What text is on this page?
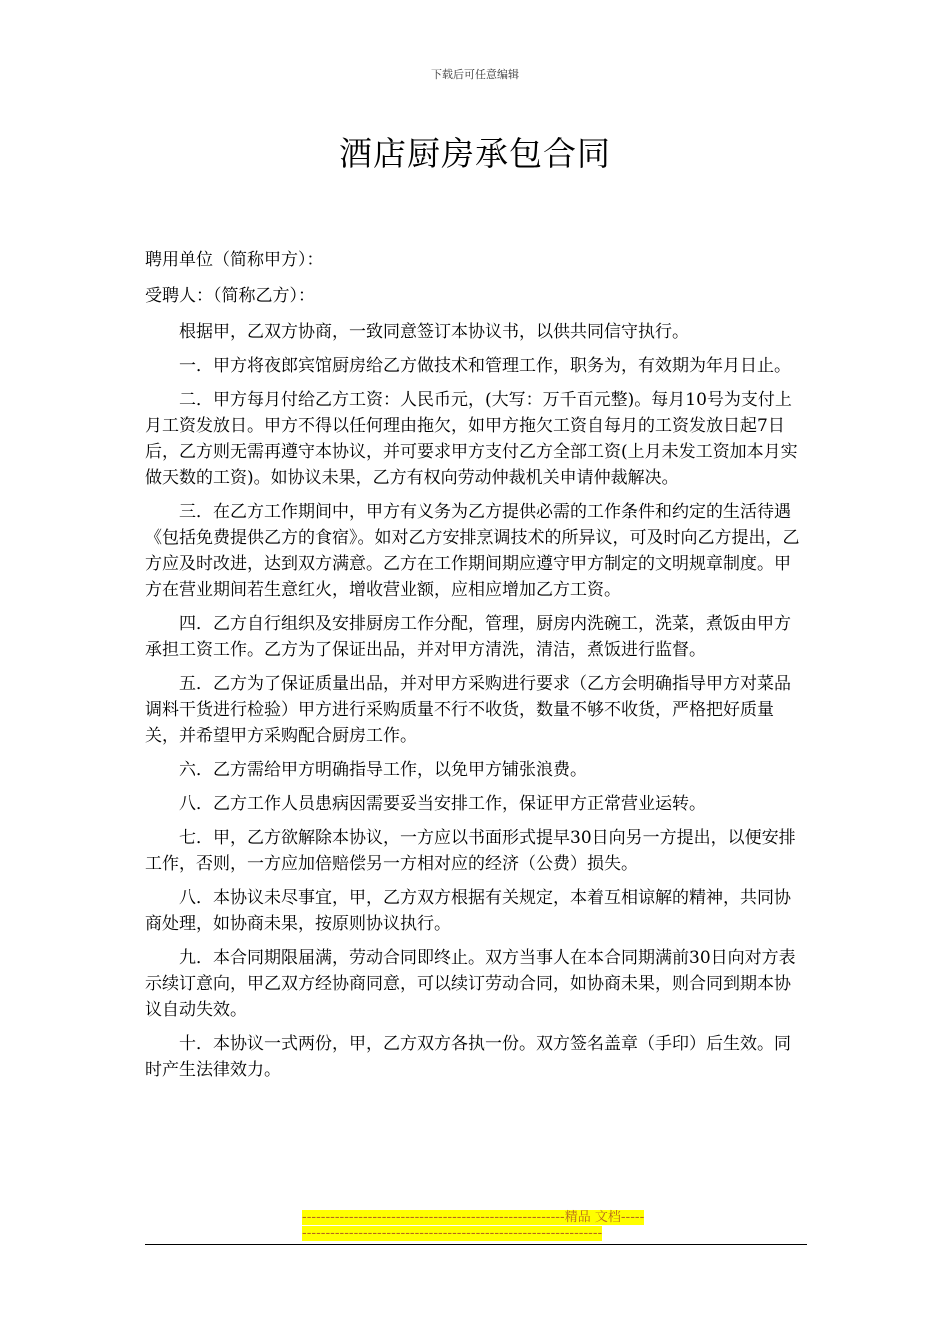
下载后可任意编辑
酒店厨房承包合同

聘用单位（简称甲方）：

受聘人：（简称乙方）：

根据甲，乙双方协商，一致同意签订本协议书，以供共同信守执行。

一．甲方将夜郎宾馆厨房给乙方做技术和管理工作，职务为，有效期为年月日止。

二．甲方每月付给乙方工资：人民币元，(大写：万千百元整)。每月10号为支付上月工资发放日。甲方不得以任何理由拖欠，如甲方拖欠工资自每月的工资发放日起7日后，乙方则无需再遵守本协议，并可要求甲方支付乙方全部工资(上月未发工资加本月实做天数的工资)。如协议未果，乙方有权向劳动仲裁机关申请仲裁解决。

三．在乙方工作期间中，甲方有义务为乙方提供必需的工作条件和约定的生活待遇《包括免费提供乙方的食宿》。如对乙方安排烹调技术的所异议，可及时向乙方提出，乙方应及时改进，达到双方满意。乙方在工作期间期应遵守甲方制定的文明规章制度。甲方在营业期间若生意红火，增收营业额，应相应增加乙方工资。

四．乙方自行组织及安排厨房工作分配，管理，厨房内洗碗工，洗菜，煮饭由甲方承担工资工作。乙方为了保证出品，并对甲方清洗，清洁，煮饭进行监督。

五．乙方为了保证质量出品，并对甲方采购进行要求（乙方会明确指导甲方对菜品调料干货进行检验）甲方进行采购质量不行不收货，数量不够不收货，严格把好质量关，并希望甲方采购配合厨房工作。

六．乙方需给甲方明确指导工作，以免甲方铺张浪费。

八．乙方工作人员患病因需要妥当安排工作，保证甲方正常营业运转。

七．甲，乙方欲解除本协议，一方应以书面形式提早30日向另一方提出，以便安排工作，否则，一方应加倍赔偿另一方相对应的经济（公费）损失。

八．本协议未尽事宜，甲，乙方双方根据有关规定，本着互相谅解的精神，共同协商处理，如协商未果，按原则协议执行。

九．本合同期限届满，劳动合同即终止。双方当事人在本合同期满前30日向对方表示续订意向，甲乙双方经协商同意，可以续订劳动合同，如协商未果，则合同到期本协议自动失效。

十．本协议一式两份，甲，乙方双方各执一份。双方签名盖章（手印）后生效。同时产生法律效力。

--------------------------------------------------------精品 文档---------------------------------------------------------------------
